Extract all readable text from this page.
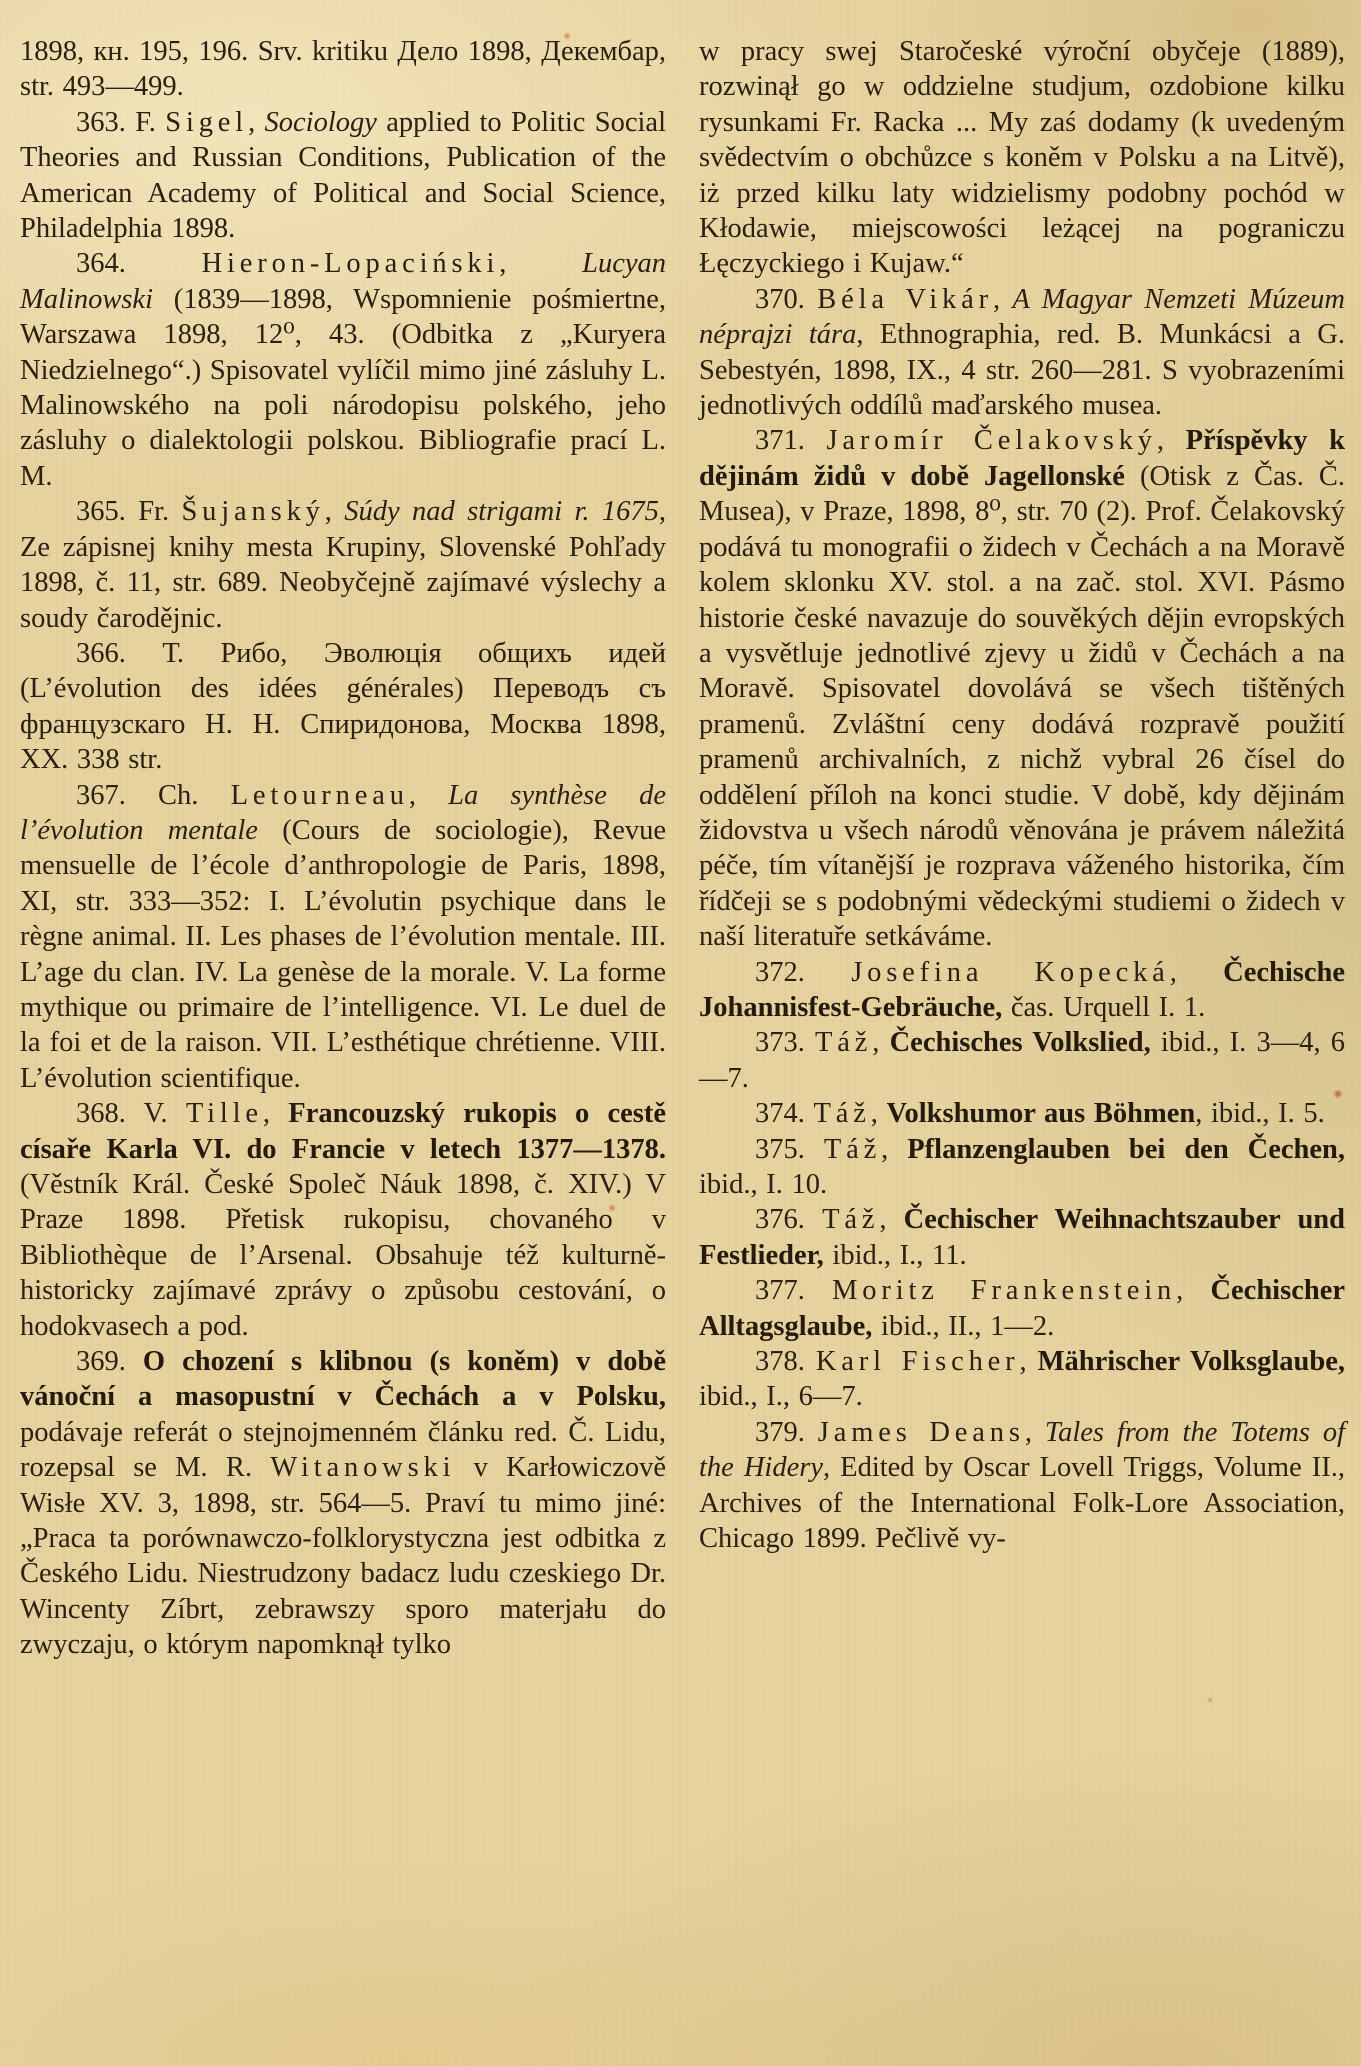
1898, кн. 195, 196. Srv. kritiku Дело 1898, Декембар, str. 493—499.

363. F. Sigel, Sociology applied to Politic Social Theories and Russian Conditions, Publication of the American Academy of Political and Social Science, Philadelphia 1898.

364. Hieron-Lopaciński, Lucyan Malinowski (1839—1898, Wspomnienie pośmiertne, Warszawa 1898, 12⁰, 43. (Odbitka z „Kuryera Niedzielnego“.) Spisovatel vylíčil mimo jiné zásluhy L. Malinowského na poli národopisu polského, jeho zásluhy o dialektologii polskou. Bibliografie prací L. M.

365. Fr. Šujanský, Súdy nad strigami r. 1675, Ze zápisnej knihy mesta Krupiny, Slovenské Pohľady 1898, č. 11, str. 689. Neobyčejně zajímavé výslechy a soudy čarodějnic.

366. Т. Рибо, Эволюція общихъ идей (L’évolution des idées générales) Переводъ съ французскаго Н. Н. Спиридонова, Москва 1898, XX. 338 str.

367. Ch. Letourneau, La synthèse de l’évolution mentale (Cours de sociologie), Revue mensuelle de l’école d’anthropologie de Paris, 1898, XI, str. 333—352: I. L’évolutin psychique dans le règne animal. II. Les phases de l’évolution mentale. III. L’age du clan. IV. La genèse de la morale. V. La forme mythique ou primaire de l’intelligence. VI. Le duel de la foi et de la raison. VII. L’esthétique chrétienne. VIII. L’évolution scientifique.

368. V. Tille, Francouzský rukopis o cestě císaře Karla VI. do Francie v letech 1377—1378. (Věstník Král. České Společ Náuk 1898, č. XIV.) V Praze 1898. Přetisk rukopisu, chovaného v Bibliothèque de l’Arsenal. Obsahuje též kulturně-historicky zajímavé zprávy o způsobu cestování, o hodokvasech a pod.

369. O chození s klibnou (s koněm) v době vánoční a masopustní v Čechách a v Polsku, podávaje referát o stejnojmenném článku red. Č. Lidu, rozepsal se M. R. Witanowski v Karłowiczově Wisłe XV. 3, 1898, str. 564—5. Praví tu mimo jiné: „Praca ta porównawczo-folklorystyczna jest odbitka z Českého Lidu. Niestrudzony badacz ludu czeskiego Dr. Wincenty Zíbrt, zebrawszy sporo materjału do zwyczaju, o którym napomknął tylko

w pracy swej Staročeské výroční obyčeje (1889), rozwinął go w oddzielne studjum, ozdobione kilku rysunkami Fr. Racka ... My zaś dodamy (k uvedeným svědectvím o obchůzce s koněm v Polsku a na Litvě), iż przed kilku laty widzielismy podobny pochód w Kłodawie, miejscowości leżącej na pograniczu Łęczyckiego i Kujaw.“

370. Béla Vikár, A Magyar Nemzeti Múzeum néprajzi tára, Ethnographia, red. B. Munkácsi a G. Sebestyén, 1898, IX., 4 str. 260—281. S vyobrazeními jednotlivých oddílů maďarského musea.

371. Jaromír Čelakovský, Příspěvky k dějinám židů v době Jagellonské (Otisk z Čas. Č. Musea), v Praze, 1898, 8⁰, str. 70 (2). Prof. Čelakovský podává tu monografii o židech v Čechách a na Moravě kolem sklonku XV. stol. a na zač. stol. XVI. Pásmo historie české navazuje do souvěkých dějin evropských a vysvětluje jednotlivé zjevy u židů v Čechách a na Moravě. Spisovatel dovolává se všech tištěných pramenů. Zvláštní ceny dodává rozpravě použití pramenů archivalních, z nichž vybral 26 čísel do oddělení příloh na konci studie. V době, kdy dějinám židovstva u všech národů věnována je právem náležitá péče, tím vítanější je rozprava váženého historika, čím řídčeji se s podobnými vědeckými studiemi o židech v naší literatuře setkáváme.

372. Josefina Kopecká, Čechische Johannisfest-Gebräuche, čas. Urquell I. 1.

373. Táž, Čechisches Volkslied, ibid., I. 3—4, 6—7.

374. Táž, Volkshumor aus Böhmen, ibid., I. 5.

375. Táž, Pflanzenglauben bei den Čechen, ibid., I. 10.

376. Táž, Čechischer Weihnachtszauber und Festlieder, ibid., I., 11.

377. Moritz Frankenstein, Čechischer Alltagsglaube, ibid., II., 1—2.

378. Karl Fischer, Mährischer Volksglaube, ibid., I., 6—7.

379. James Deans, Tales from the Totems of the Hidery, Edited by Oscar Lovell Triggs, Volume II., Archives of the International Folk-Lore Association, Chicago 1899. Pečlivě vy-
